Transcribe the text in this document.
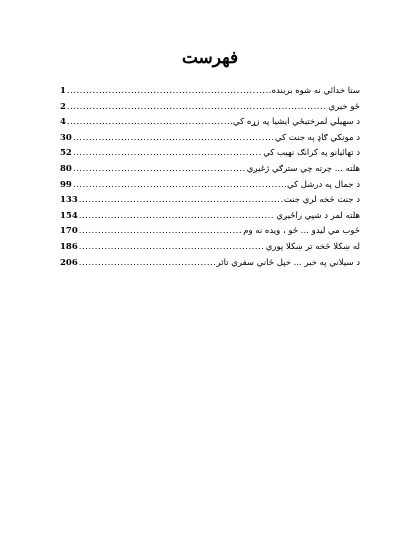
فهرست
1 .....	ستا خدائي نه شوه بربنده
2 .....	ځو خبري
4 .....	د سهيلي لمرختيځي ايشيا په زړه کي
30 .....	د مونکي ګاډ په جنت کي
52 .....	د تهائيانو په کرانګ نهيب کي
80 .....	هلته ... چرته چي سترګي ژغيږي
99 .....	د جمال په درشل کي
133 .....	د جنت څخه لري جنت
154 .....	هلته لمر د شپي راځيږي
170 .....	ځوب مي ليدو ... ځو ، ويده نه وم
186 .....	له ښکلا څخه تر ښکلا پوري
206 .....	د سيلاني په خبر ... خپل ځاني سفري تاثر
